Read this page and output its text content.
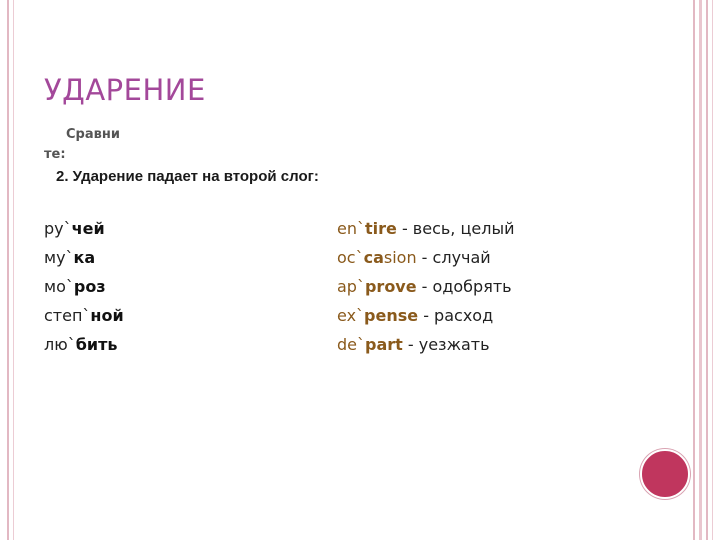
УДАРЕНИЕ
Сравни
те:
2. Ударение падает на второй слог:
ру`чей
му`ка
мо`роз
степ`ной
лю`бить
en`tire - весь, целый
oc`casion - случай
ap`prove - одобрять
ex`pense - расход
de`part - уезжать
